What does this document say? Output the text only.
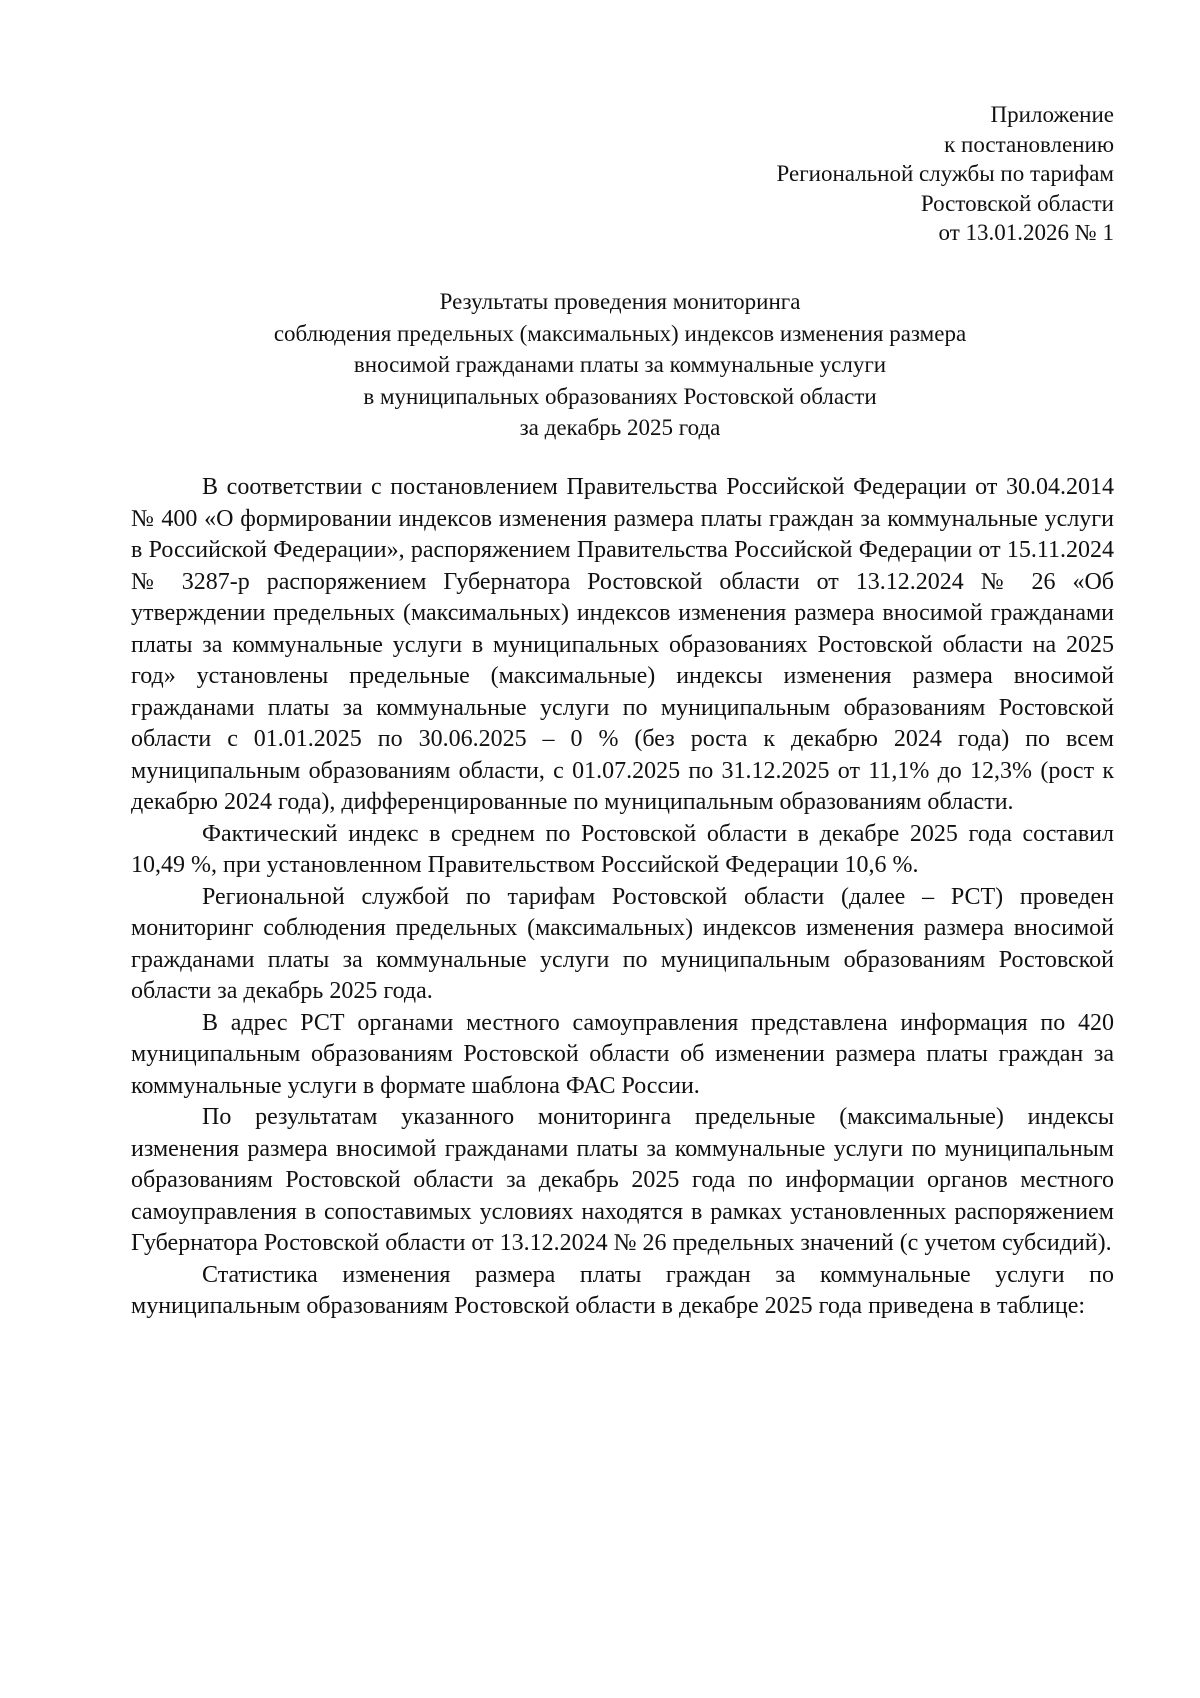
Приложение
к постановлению
Региональной службы по тарифам
Ростовской области
от 13.01.2026 № 1
Результаты проведения мониторинга
соблюдения предельных (максимальных) индексов изменения размера
вносимой гражданами платы за коммунальные услуги
в муниципальных образованиях Ростовской области
за декабрь 2025 года

В соответствии с постановлением Правительства Российской Федерации от 30.04.2014 № 400 «О формировании индексов изменения размера платы граждан за коммунальные услуги в Российской Федерации», распоряжением Правительства Российской Федерации от 15.11.2024 № 3287-р распоряжением Губернатора Ростовской области от 13.12.2024 № 26 «Об утверждении предельных (максимальных) индексов изменения размера вносимой гражданами платы за коммунальные услуги в муниципальных образованиях Ростовской области на 2025 год» установлены предельные (максимальные) индексы изменения размера вносимой гражданами платы за коммунальные услуги по муниципальным образованиям Ростовской области с 01.01.2025 по 30.06.2025 – 0 % (без роста к декабрю 2024 года) по всем муниципальным образованиям области, с 01.07.2025 по 31.12.2025 от 11,1% до 12,3% (рост к декабрю 2024 года), дифференцированные по муниципальным образованиям области.

Фактический индекс в среднем по Ростовской области в декабре 2025 года составил 10,49 %, при установленном Правительством Российской Федерации 10,6 %.

Региональной службой по тарифам Ростовской области (далее – РСТ) проведен мониторинг соблюдения предельных (максимальных) индексов изменения размера вносимой гражданами платы за коммунальные услуги по муниципальным образованиям Ростовской области за декабрь 2025 года.

В адрес РСТ органами местного самоуправления представлена информация по 420 муниципальным образованиям Ростовской области об изменении размера платы граждан за коммунальные услуги в формате шаблона ФАС России.

По результатам указанного мониторинга предельные (максимальные) индексы изменения размера вносимой гражданами платы за коммунальные услуги по муниципальным образованиям Ростовской области за декабрь 2025 года по информации органов местного самоуправления в сопоставимых условиях находятся в рамках установленных распоряжением Губернатора Ростовской области от 13.12.2024 № 26 предельных значений (с учетом субсидий).

Статистика изменения размера платы граждан за коммунальные услуги по муниципальным образованиям Ростовской области в декабре 2025 года приведена в таблице:
